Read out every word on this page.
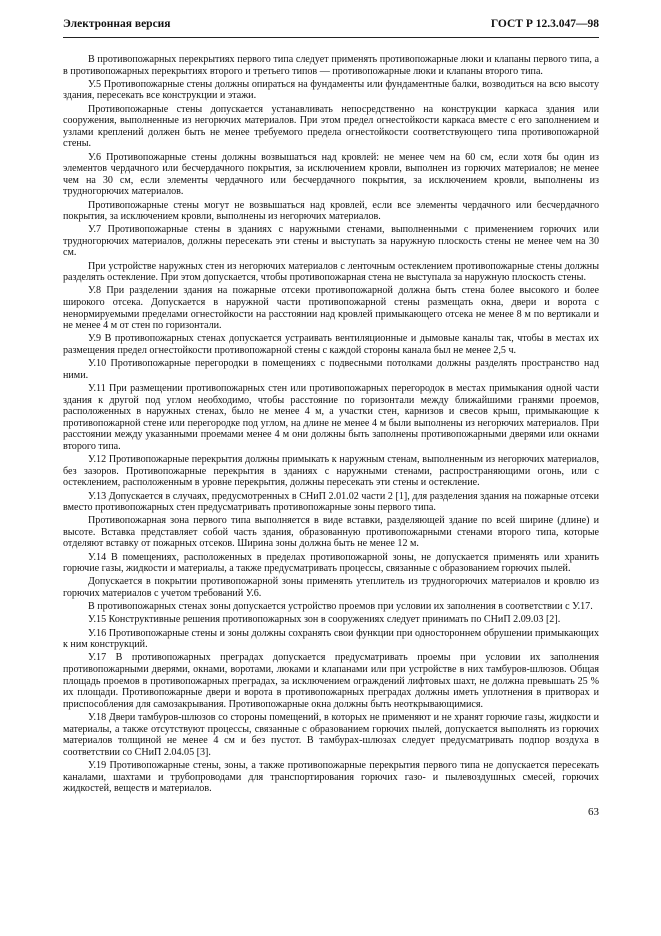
Электронная версия	ГОСТ Р 12.3.047—98

В противопожарных перекрытиях первого типа следует применять противопожарные люки и клапаны первого типа, а в противопожарных перекрытиях второго и третьего типов — противопожарные люки и клапаны второго типа.

У.5 Противопожарные стены должны опираться на фундаменты или фундаментные балки, возводиться на всю высоту здания, пересекать все конструкции и этажи.

Противопожарные стены допускается устанавливать непосредственно на конструкции каркаса здания или сооружения, выполненные из негорючих материалов. При этом предел огнестойкости каркаса вместе с его заполнением и узлами креплений должен быть не менее требуемого предела огнестойкости соответствующего типа противопожарной стены.

У.6 Противопожарные стены должны возвышаться над кровлей: не менее чем на 60 см, если хотя бы один из элементов чердачного или бесчердачного покрытия, за исключением кровли, выполнен из горючих материалов; не менее чем на 30 см, если элементы чердачного или бесчердачного покрытия, за исключением кровли, выполнены из трудногорючих материалов.

Противопожарные стены могут не возвышаться над кровлей, если все элементы чердачного или бесчердачного покрытия, за исключением кровли, выполнены из негорючих материалов.

У.7 Противопожарные стены в зданиях с наружными стенами, выполненными с применением горючих или трудногорючих материалов, должны пересекать эти стены и выступать за наружную плоскость стены не менее чем на 30 см.

При устройстве наружных стен из негорючих материалов с ленточным остеклением противопожарные стены должны разделять остекление. При этом допускается, чтобы противопожарная стена не выступала за наружную плоскость стены.

У.8 При разделении здания на пожарные отсеки противопожарной должна быть стена более высокого и более широкого отсека. Допускается в наружной части противопожарной стены размещать окна, двери и ворота с ненормируемыми пределами огнестойкости на расстоянии над кровлей примыкающего отсека не менее 8 м по вертикали и не менее 4 м от стен по горизонтали.

У.9 В противопожарных стенах допускается устраивать вентиляционные и дымовые каналы так, чтобы в местах их размещения предел огнестойкости противопожарной стены с каждой стороны канала был не менее 2,5 ч.

У.10 Противопожарные перегородки в помещениях с подвесными потолками должны разделять пространство над ними.

У.11 При размещении противопожарных стен или противопожарных перегородок в местах примыкания одной части здания к другой под углом необходимо, чтобы расстояние по горизонтали между ближайшими гранями проемов, расположенных в наружных стенах, было не менее 4 м, а участки стен, карнизов и свесов крыш, примыкающие к противопожарной стене или перегородке под углом, на длине не менее 4 м были выполнены из негорючих материалов. При расстоянии между указанными проемами менее 4 м они должны быть заполнены противопожарными дверями или окнами второго типа.

У.12 Противопожарные перекрытия должны примыкать к наружным стенам, выполненным из негорючих материалов, без зазоров. Противопожарные перекрытия в зданиях с наружными стенами, распространяющими огонь, или с остеклением, расположенным в уровне перекрытия, должны пересекать эти стены и остекление.

У.13 Допускается в случаях, предусмотренных в СНиП 2.01.02 части 2 [1], для разделения здания на пожарные отсеки вместо противопожарных стен предусматривать противопожарные зоны первого типа.

Противопожарная зона первого типа выполняется в виде вставки, разделяющей здание по всей ширине (длине) и высоте. Вставка представляет собой часть здания, образованную противопожарными стенами второго типа, которые отделяют вставку от пожарных отсеков. Ширина зоны должна быть не менее 12 м.

У.14 В помещениях, расположенных в пределах противопожарной зоны, не допускается применять или хранить горючие газы, жидкости и материалы, а также предусматривать процессы, связанные с образованием горючих пылей.

Допускается в покрытии противопожарной зоны применять утеплитель из трудногорючих материалов и кровлю из горючих материалов с учетом требований У.6.

В противопожарных стенах зоны допускается устройство проемов при условии их заполнения в соответствии с У.17.

У.15 Конструктивные решения противопожарных зон в сооружениях следует принимать по СНиП 2.09.03 [2].

У.16 Противопожарные стены и зоны должны сохранять свои функции при одностороннем обрушении примыкающих к ним конструкций.

У.17 В противопожарных преградах допускается предусматривать проемы при условии их заполнения противопожарными дверями, окнами, воротами, люками и клапанами или при устройстве в них тамбуров-шлюзов. Общая площадь проемов в противопожарных преградах, за исключением ограждений лифтовых шахт, не должна превышать 25 % их площади. Противопожарные двери и ворота в противопожарных преградах должны иметь уплотнения в притворах и приспособления для самозакрывания. Противопожарные окна должны быть неоткрывающимися.

У.18 Двери тамбуров-шлюзов со стороны помещений, в которых не применяют и не хранят горючие газы, жидкости и материалы, а также отсутствуют процессы, связанные с образованием горючих пылей, допускается выполнять из горючих материалов толщиной не менее 4 см и без пустот. В тамбурах-шлюзах следует предусматривать подпор воздуха в соответствии со СНиП 2.04.05 [3].

У.19 Противопожарные стены, зоны, а также противопожарные перекрытия первого типа не допускается пересекать каналами, шахтами и трубопроводами для транспортирования горючих газо- и пылевоздушных смесей, горючих жидкостей, веществ и материалов.

63
